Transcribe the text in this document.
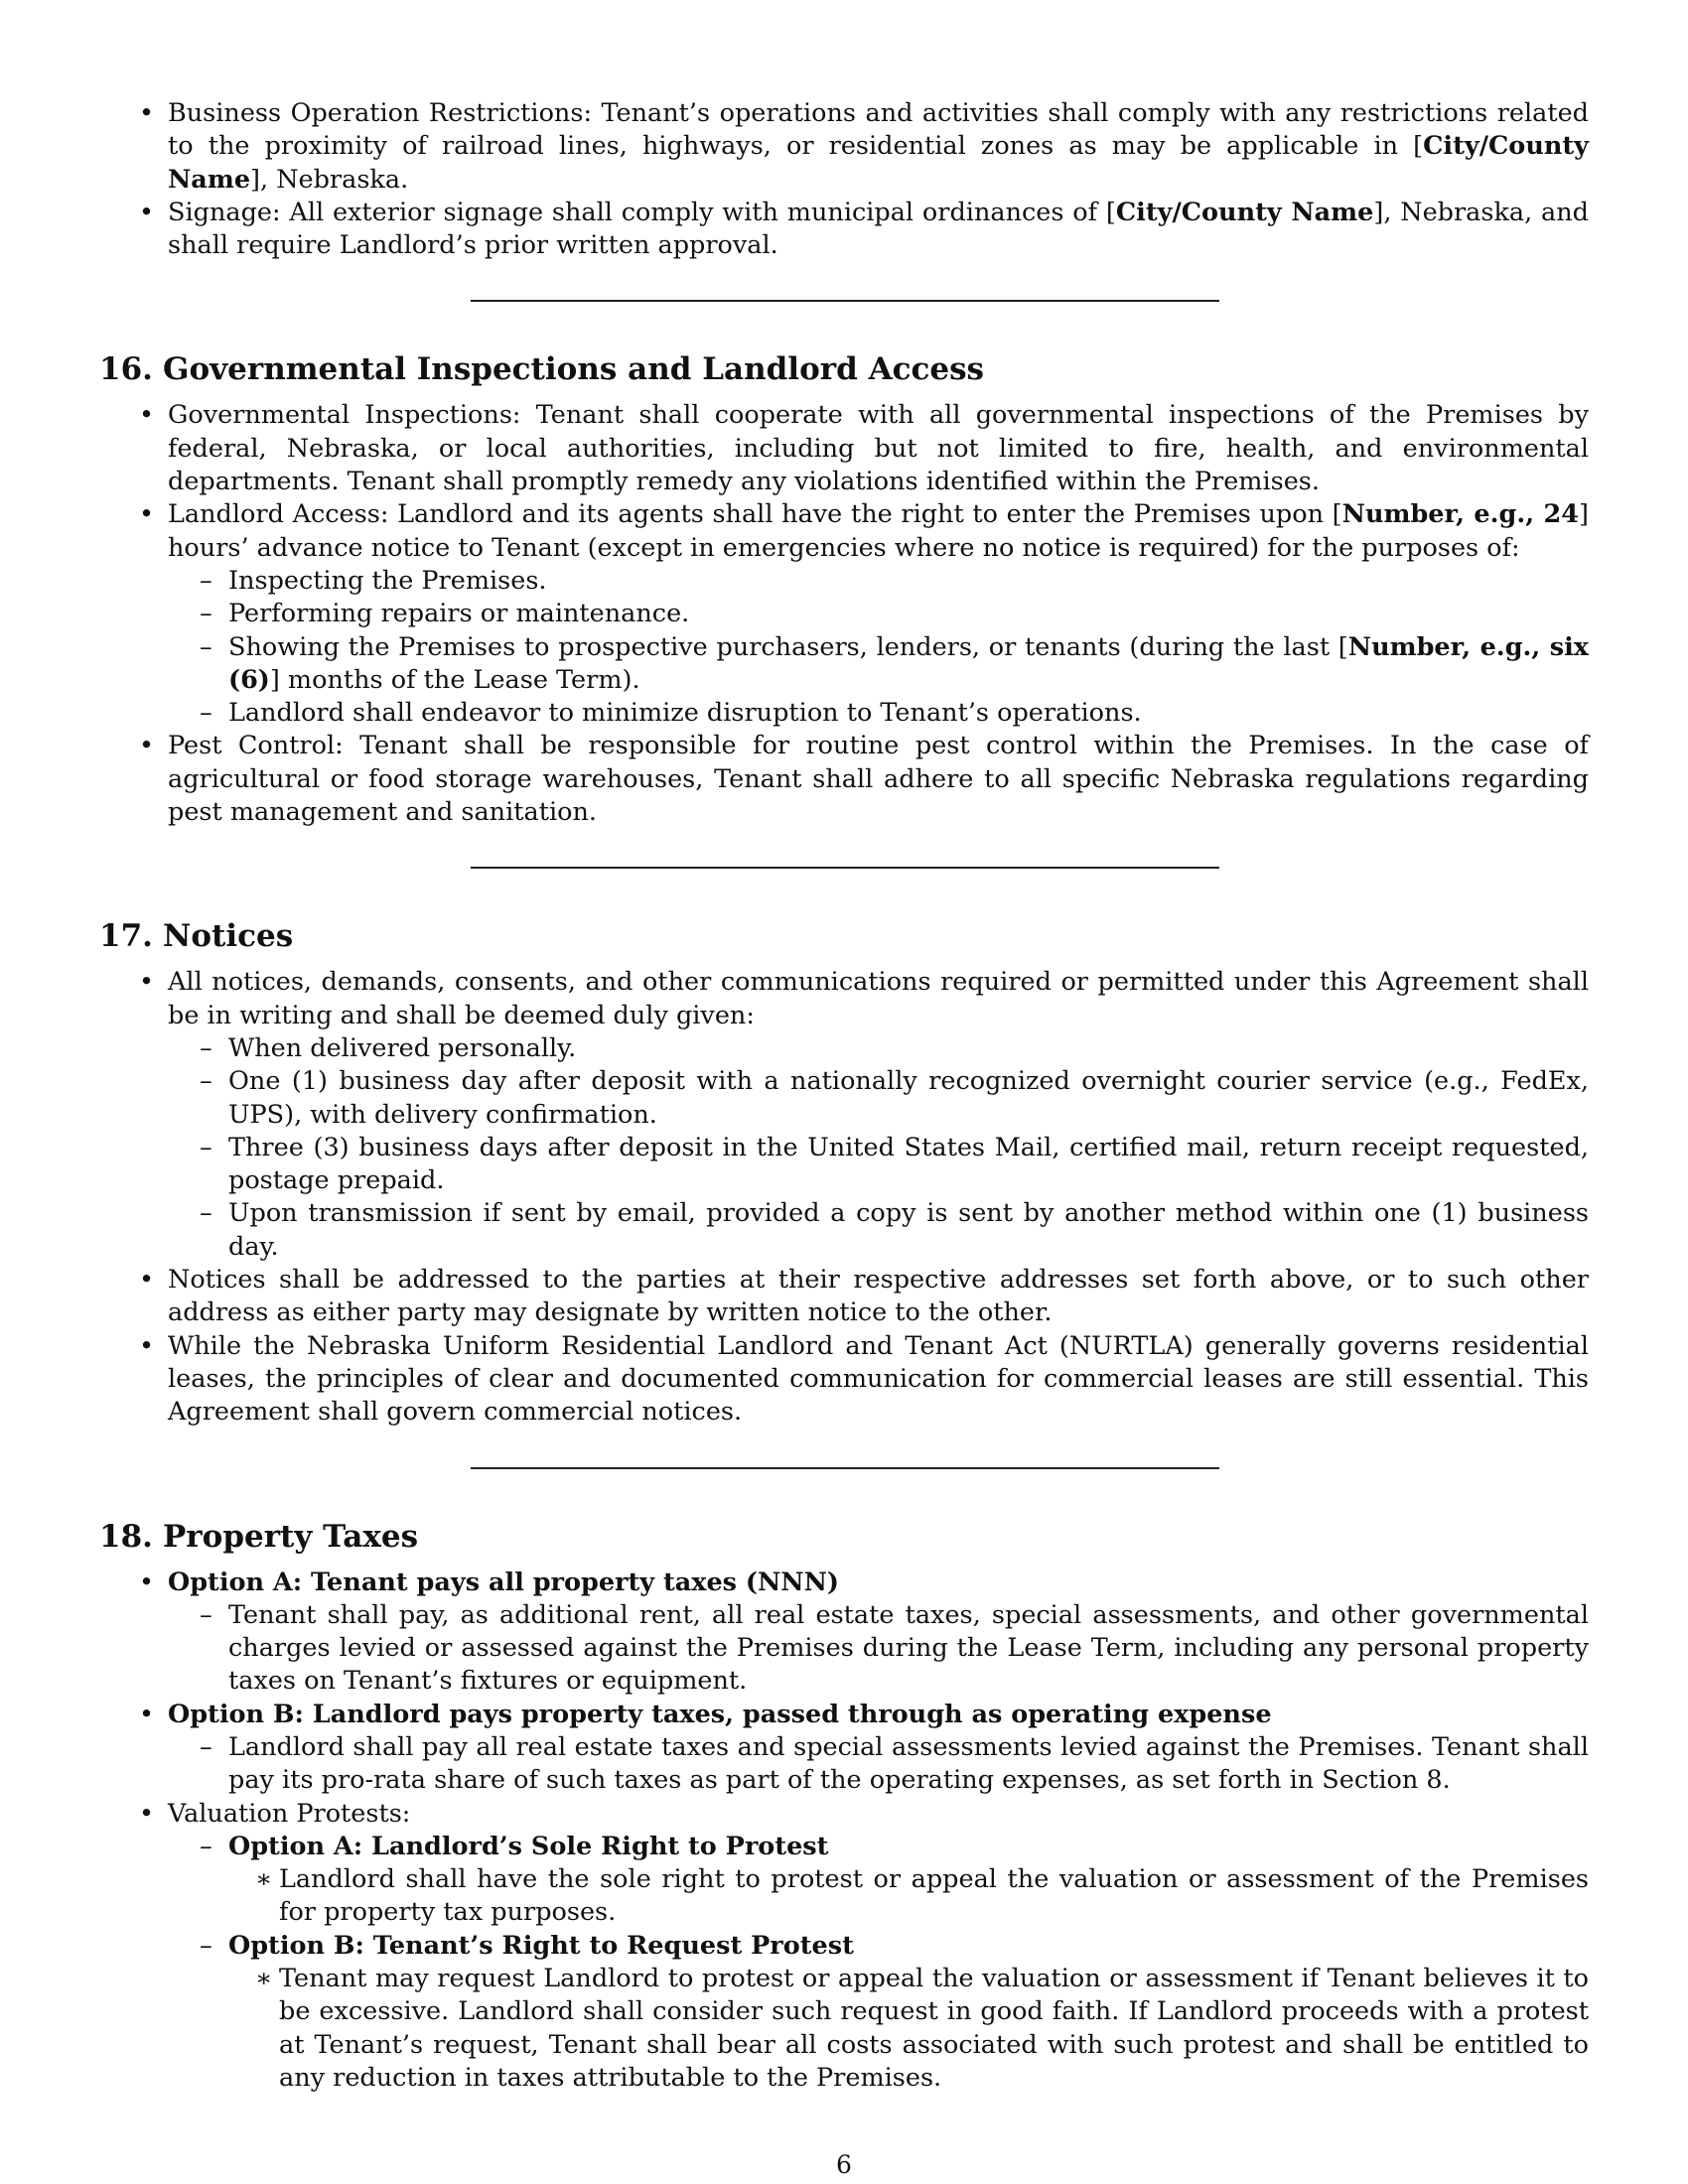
• Business Operation Restrictions: Tenant’s operations and activities shall comply with any restrictions related to the proximity of railroad lines, highways, or residential zones as may be applicable in [City/County Name], Nebraska.
• Signage: All exterior signage shall comply with municipal ordinances of [City/County Name], Nebraska, and shall require Landlord’s prior written approval.
16. Governmental Inspections and Landlord Access
• Governmental Inspections: Tenant shall cooperate with all governmental inspections of the Premises by federal, Nebraska, or local authorities, including but not limited to fire, health, and environmental departments. Tenant shall promptly remedy any violations identified within the Premises.
• Landlord Access: Landlord and its agents shall have the right to enter the Premises upon [Number, e.g., 24] hours’ advance notice to Tenant (except in emergencies where no notice is required) for the purposes of:
– Inspecting the Premises.
– Performing repairs or maintenance.
– Showing the Premises to prospective purchasers, lenders, or tenants (during the last [Number, e.g., six (6)] months of the Lease Term).
– Landlord shall endeavor to minimize disruption to Tenant’s operations.
• Pest Control: Tenant shall be responsible for routine pest control within the Premises. In the case of agricultural or food storage warehouses, Tenant shall adhere to all specific Nebraska regulations regarding pest management and sanitation.
17. Notices
• All notices, demands, consents, and other communications required or permitted under this Agreement shall be in writing and shall be deemed duly given:
– When delivered personally.
– One (1) business day after deposit with a nationally recognized overnight courier service (e.g., FedEx, UPS), with delivery confirmation.
– Three (3) business days after deposit in the United States Mail, certified mail, return receipt requested, postage prepaid.
– Upon transmission if sent by email, provided a copy is sent by another method within one (1) business day.
• Notices shall be addressed to the parties at their respective addresses set forth above, or to such other address as either party may designate by written notice to the other.
• While the Nebraska Uniform Residential Landlord and Tenant Act (NURTLA) generally governs residential leases, the principles of clear and documented communication for commercial leases are still essential. This Agreement shall govern commercial notices.
18. Property Taxes
• Option A: Tenant pays all property taxes (NNN)
– Tenant shall pay, as additional rent, all real estate taxes, special assessments, and other governmental charges levied or assessed against the Premises during the Lease Term, including any personal property taxes on Tenant’s fixtures or equipment.
• Option B: Landlord pays property taxes, passed through as operating expense
– Landlord shall pay all real estate taxes and special assessments levied against the Premises. Tenant shall pay its pro-rata share of such taxes as part of the operating expenses, as set forth in Section 8.
• Valuation Protests:
– Option A: Landlord’s Sole Right to Protest
∗ Landlord shall have the sole right to protest or appeal the valuation or assessment of the Premises for property tax purposes.
– Option B: Tenant’s Right to Request Protest
∗ Tenant may request Landlord to protest or appeal the valuation or assessment if Tenant believes it to be excessive. Landlord shall consider such request in good faith. If Landlord proceeds with a protest at Tenant’s request, Tenant shall bear all costs associated with such protest and shall be entitled to any reduction in taxes attributable to the Premises.
6
